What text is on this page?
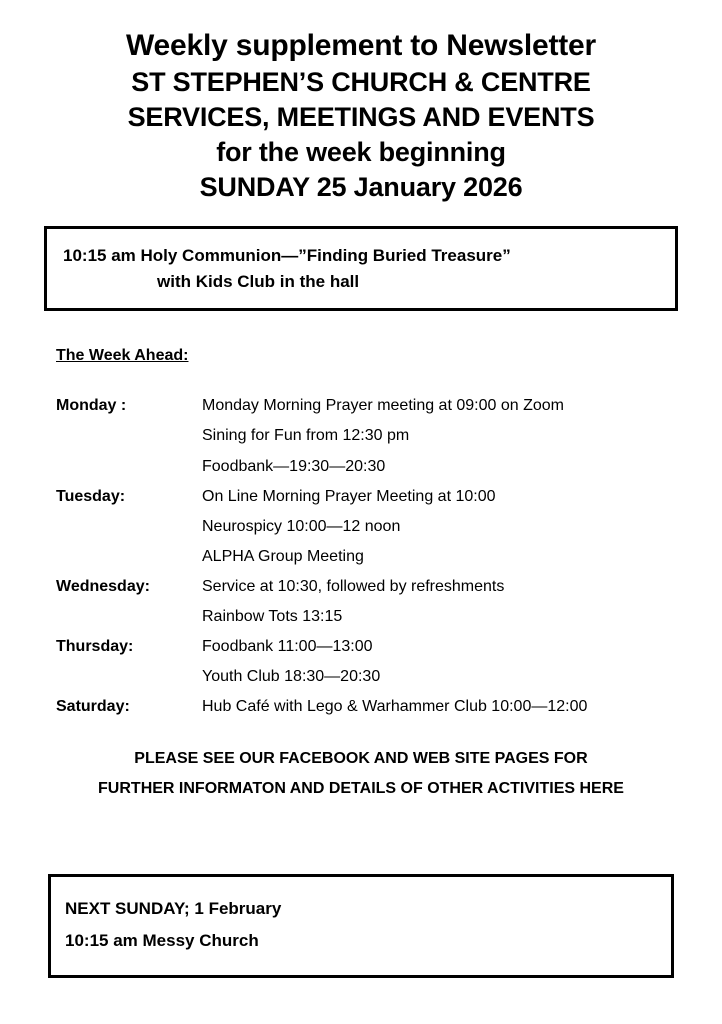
Weekly supplement to Newsletter
ST STEPHEN’S CHURCH & CENTRE
SERVICES, MEETINGS AND EVENTS
for the week beginning
SUNDAY 25 January 2026
10:15 am Holy Communion—”Finding Buried Treasure”
with Kids Club in the hall
The Week Ahead:
Monday :	Monday Morning Prayer meeting at 09:00 on Zoom
	Sining for Fun from 12:30 pm
	Foodbank—19:30—20:30
Tuesday:	On Line Morning Prayer Meeting at 10:00
	Neurospicy 10:00—12 noon
	ALPHA Group Meeting
Wednesday:	Service at 10:30, followed by refreshments
	Rainbow Tots 13:15
Thursday:	Foodbank 11:00—13:00
	Youth Club 18:30—20:30
Saturday:	Hub Café with Lego & Warhammer Club 10:00—12:00
PLEASE SEE OUR FACEBOOK AND WEB SITE PAGES FOR
FURTHER INFORMATON AND DETAILS OF OTHER ACTIVITIES HERE
NEXT SUNDAY; 1 February
10:15 am Messy Church
